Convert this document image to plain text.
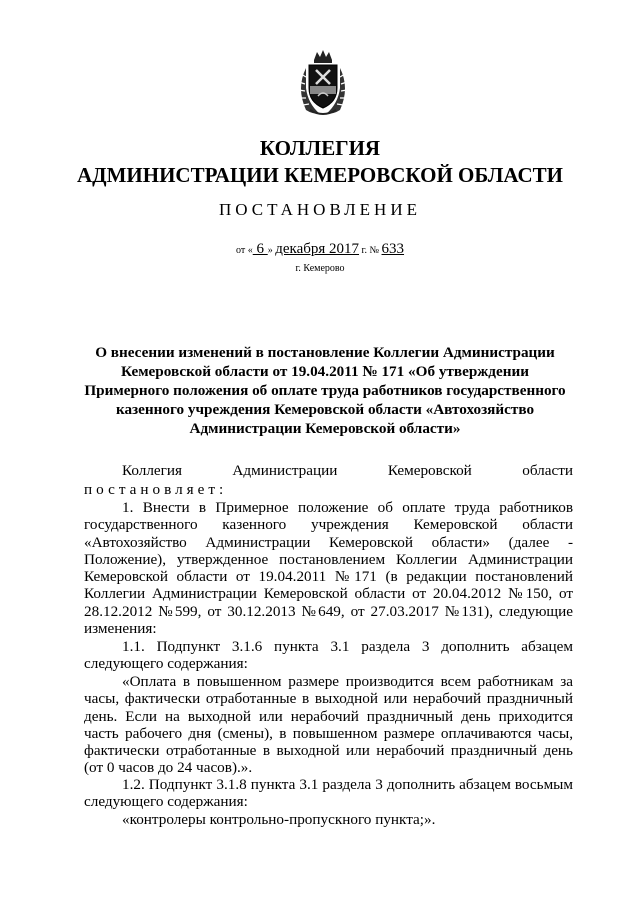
КОЛЛЕГИЯ
АДМИНИСТРАЦИИ КЕМЕРОВСКОЙ ОБЛАСТИ
ПОСТАНОВЛЕНИЕ
от « 6 » декабря 2017 г. № 633
г. Кемерово
О внесении изменений в постановление Коллегии Администрации Кемеровской области от 19.04.2011 № 171 «Об утверждении Примерного положения об оплате труда работников государственного казенного учреждения Кемеровской области «Автохозяйство Администрации Кемеровской области»
Коллегия Администрации Кемеровской области
постановляет:
1. Внести в Примерное положение об оплате труда работников государственного казенного учреждения Кемеровской области «Автохозяйство Администрации Кемеровской области» (далее - Положение), утвержденное постановлением Коллегии Администрации Кемеровской области от 19.04.2011 №171 (в редакции постановлений Коллегии Администрации Кемеровской области от 20.04.2012 №150, от 28.12.2012 №599, от 30.12.2013 №649, от 27.03.2017 №131), следующие изменения:
1.1. Подпункт 3.1.6 пункта 3.1 раздела 3 дополнить абзацем следующего содержания:
«Оплата в повышенном размере производится всем работникам за часы, фактически отработанные в выходной или нерабочий праздничный день. Если на выходной или нерабочий праздничный день приходится часть рабочего дня (смены), в повышенном размере оплачиваются часы, фактически отработанные в выходной или нерабочий праздничный день (от 0 часов до 24 часов).».
1.2. Подпункт 3.1.8 пункта 3.1 раздела 3 дополнить абзацем восьмым следующего содержания:
«контролеры контрольно-пропускного пункта;».
